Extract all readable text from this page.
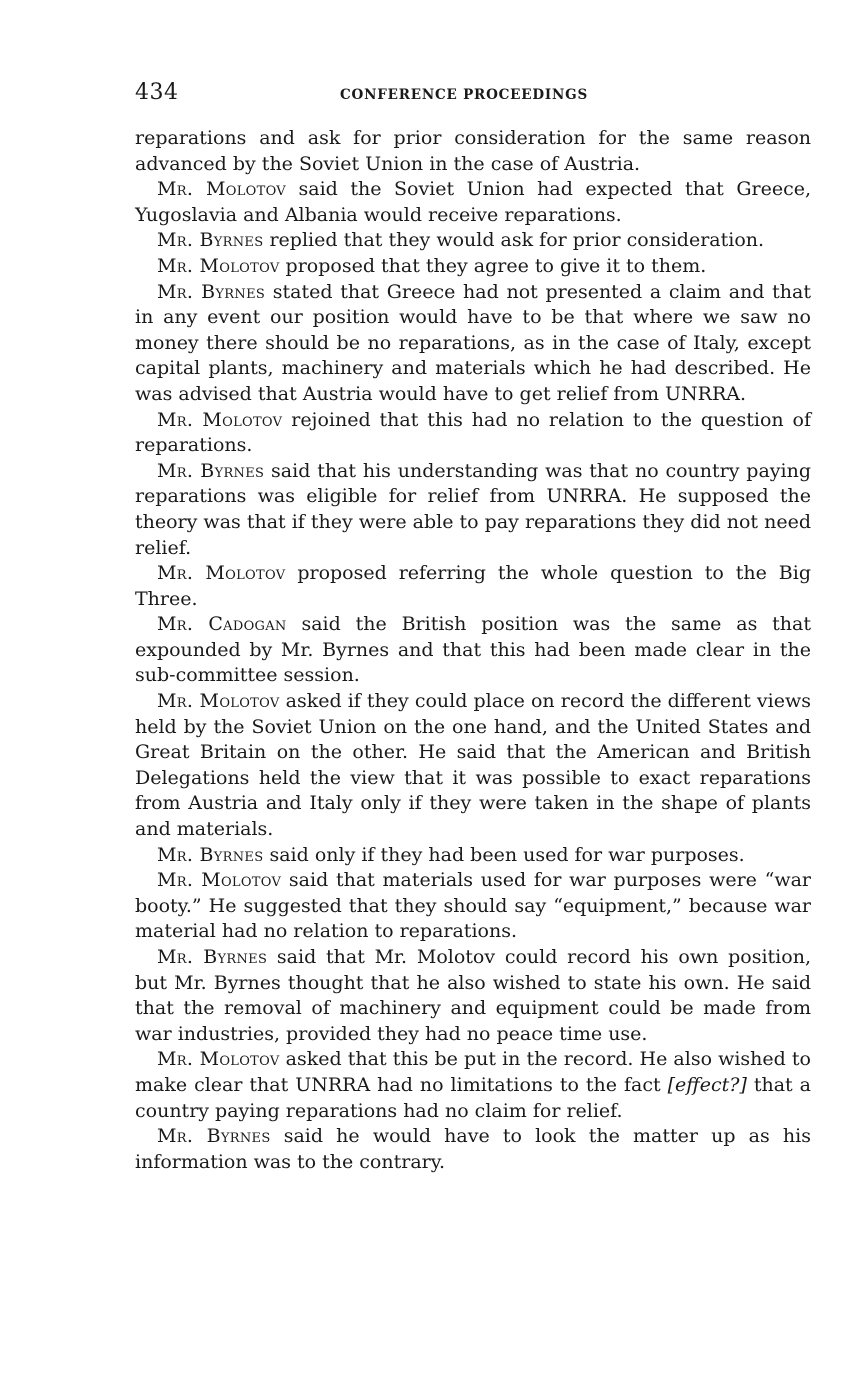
434	CONFERENCE PROCEEDINGS

reparations and ask for prior consideration for the same reason advanced by the Soviet Union in the case of Austria.

Mr. Molotov said the Soviet Union had expected that Greece, Yugoslavia and Albania would receive reparations.

Mr. Byrnes replied that they would ask for prior consideration.

Mr. Molotov proposed that they agree to give it to them.

Mr. Byrnes stated that Greece had not presented a claim and that in any event our position would have to be that where we saw no money there should be no reparations, as in the case of Italy, except capital plants, machinery and materials which he had described. He was advised that Austria would have to get relief from UNRRA.

Mr. Molotov rejoined that this had no relation to the question of reparations.

Mr. Byrnes said that his understanding was that no country paying reparations was eligible for relief from UNRRA. He supposed the theory was that if they were able to pay reparations they did not need relief.

Mr. Molotov proposed referring the whole question to the Big Three.

Mr. Cadogan said the British position was the same as that expounded by Mr. Byrnes and that this had been made clear in the sub-committee session.

Mr. Molotov asked if they could place on record the different views held by the Soviet Union on the one hand, and the United States and Great Britain on the other. He said that the American and British Delegations held the view that it was possible to exact reparations from Austria and Italy only if they were taken in the shape of plants and materials.

Mr. Byrnes said only if they had been used for war purposes.

Mr. Molotov said that materials used for war purposes were “war booty.” He suggested that they should say “equipment,” because war material had no relation to reparations.

Mr. Byrnes said that Mr. Molotov could record his own position, but Mr. Byrnes thought that he also wished to state his own. He said that the removal of machinery and equipment could be made from war industries, provided they had no peace time use.

Mr. Molotov asked that this be put in the record. He also wished to make clear that UNRRA had no limitations to the fact [effect?] that a country paying reparations had no claim for relief.

Mr. Byrnes said he would have to look the matter up as his information was to the contrary.
